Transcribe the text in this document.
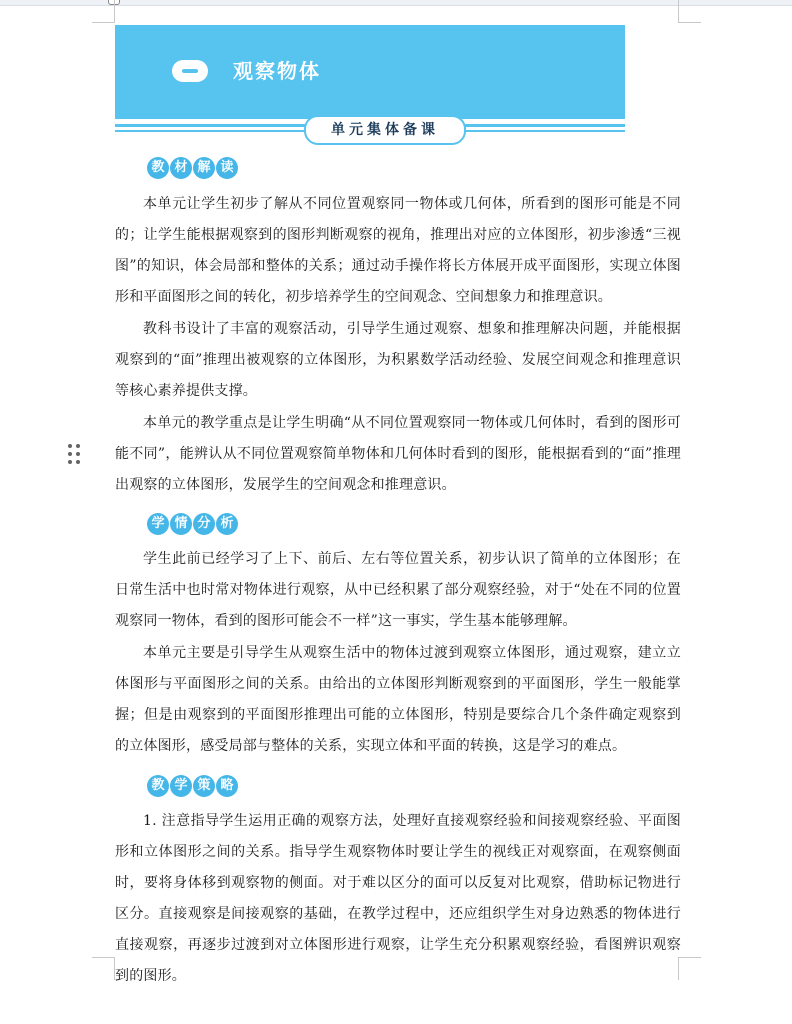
观察物体
单元集体备课
教 材 解 读

本单元让学生初步了解从不同位置观察同一物体或几何体，所看到的图形可能是不同的；让学生能根据观察到的图形判断观察的视角，推理出对应的立体图形，初步渗透“三视图”的知识，体会局部和整体的关系；通过动手操作将长方体展开成平面图形，实现立体图形和平面图形之间的转化，初步培养学生的空间观念、空间想象力和推理意识。

教科书设计了丰富的观察活动，引导学生通过观察、想象和推理解决问题，并能根据观察到的“面”推理出被观察的立体图形，为积累数学活动经验、发展空间观念和推理意识等核心素养提供支撑。

本单元的教学重点是让学生明确“从不同位置观察同一物体或几何体时，看到的图形可能不同”，能辨认从不同位置观察简单物体和几何体时看到的图形，能根据看到的“面”推理出观察的立体图形，发展学生的空间观念和推理意识。

学 情 分 析

学生此前已经学习了上下、前后、左右等位置关系，初步认识了简单的立体图形；在日常生活中也时常对物体进行观察，从中已经积累了部分观察经验，对于“处在不同的位置观察同一物体，看到的图形可能会不一样”这一事实，学生基本能够理解。

本单元主要是引导学生从观察生活中的物体过渡到观察立体图形，通过观察，建立立体图形与平面图形之间的关系。由给出的立体图形判断观察到的平面图形，学生一般能掌握；但是由观察到的平面图形推理出可能的立体图形，特别是要综合几个条件确定观察到的立体图形，感受局部与整体的关系，实现立体和平面的转换，这是学习的难点。

教 学 策 略

1. 注意指导学生运用正确的观察方法，处理好直接观察经验和间接观察经验、平面图形和立体图形之间的关系。指导学生观察物体时要让学生的视线正对观察面，在观察侧面时，要将身体移到观察物的侧面。对于难以区分的面可以反复对比观察，借助标记物进行区分。直接观察是间接观察的基础，在教学过程中，还应组织学生对身边熟悉的物体进行直接观察，再逐步过渡到对立体图形进行观察，让学生充分积累观察经验，看图辨识观察到的图形。
